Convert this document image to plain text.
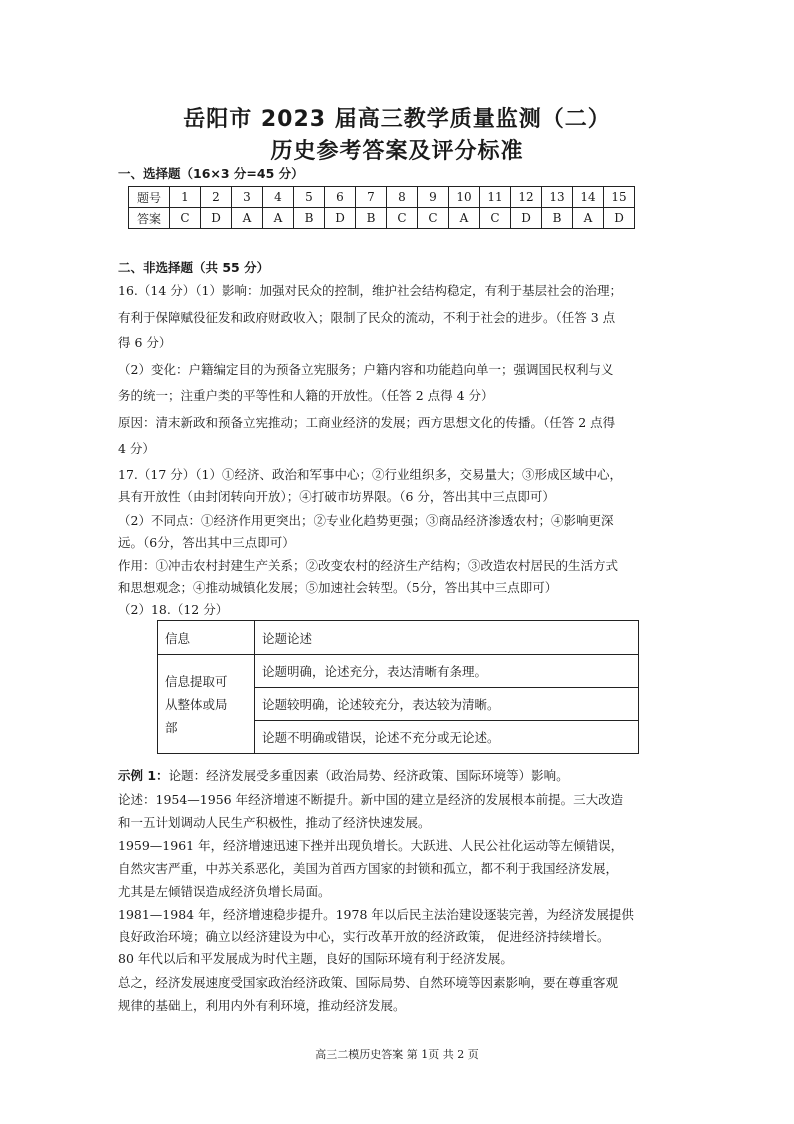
岳阳市 2023 届高三教学质量监测（二）
历史参考答案及评分标准
一、选择题（16×3 分=45 分）
题号	1	2	3	4	5	6	7	8	9	10	11	12	13	14	15
答案	C	D	A	A	B	D	B	C	C	A	C	D	B	A	D
二、非选择题（共 55 分）
16.（14 分）（1）影响：加强对民众的控制，维护社会结构稳定，有利于基层社会的治理；
有利于保障赋役征发和政府财政收入；限制了民众的流动，不利于社会的进步。（任答 3 点
得 6 分）
（2）变化：户籍编定目的为预备立宪服务；户籍内容和功能趋向单一；强调国民权利与义
务的统一；注重户类的平等性和人籍的开放性。（任答 2 点得 4 分）
原因：清末新政和预备立宪推动；工商业经济的发展；西方思想文化的传播。（任答 2 点得
4 分）
17.（17 分）（1）①经济、政治和军事中心；②行业组织多，交易量大；③形成区域中心，
具有开放性（由封闭转向开放）；④打破市坊界限。（6 分，答出其中三点即可）
（2）不同点：①经济作用更突出；②专业化趋势更强；③商品经济渗透农村；④影响更深
远。（6分，答出其中三点即可）
作用：①冲击农村封建生产关系；②改变农村的经济生产结构；③改造农村居民的生活方式
和思想观念；④推动城镇化发展；⑤加速社会转型。（5分，答出其中三点即可）
（2）18.（12 分）
信息	论题论述

信息提取可
从整体或局
部	论题明确，论述充分，表达清晰有条理。
	论题较明确，论述较充分，表达较为清晰。
	论题不明确或错误，论述不充分或无论述。
示例 1：论题：经济发展受多重因素（政治局势、经济政策、国际环境等）影响。
论述：1954—1956 年经济增速不断提升。新中国的建立是经济的发展根本前提。三大改造
和一五计划调动人民生产积极性，推动了经济快速发展。
1959—1961 年，经济增速迅速下挫并出现负增长。大跃进、人民公社化运动等左倾错误，
自然灾害严重，中苏关系恶化，美国为首西方国家的封锁和孤立，都不利于我国经济发展，
尤其是左倾错误造成经济负增长局面。
1981—1984 年，经济增速稳步提升。1978 年以后民主法治建设逐装完善，为经济发展提供
良好政治环境；确立以经济建设为中心，实行改革开放的经济政策， 促进经济持续增长。
80 年代以后和平发展成为时代主题，良好的国际环境有利于经济发展。
总之，经济发展速度受国家政治经济政策、国际局势、自然环境等因素影响，要在尊重客观
规律的基础上，利用内外有利环境，推动经济发展。
高三二模历史答案 第 1页 共 2 页
